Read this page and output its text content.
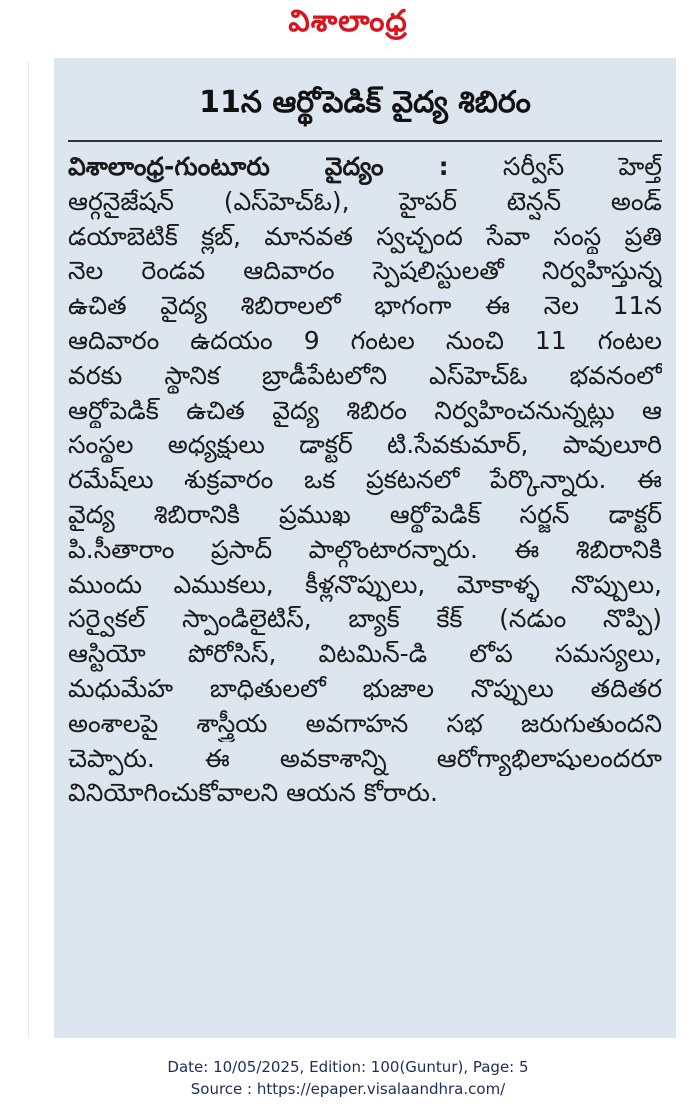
విశాలాంధ్ర
11న ఆర్థోపెడిక్ వైద్య శిబిరం
విశాలాంధ్ర-గుంటూరు వైద్యం : సర్వీస్ హెల్త్
ఆర్గనైజేషన్ (ఎస్‌హెచ్‌ఓ), హైపర్ టెన్షన్ అండ్
డయాబెటిక్ క్లబ్, మానవత స్వచ్ఛంద సేవా సంస్థ ప్రతి
నెల రెండవ ఆదివారం స్పెషలిస్టులతో నిర్వహిస్తున్న
ఉచిత వైద్య శిబిరాలలో భాగంగా ఈ నెల 11న
ఆదివారం ఉదయం 9 గంటల నుంచి 11 గంటల
వరకు స్థానిక బ్రాడీపేటలోని ఎస్‌హెచ్‌ఓ భవనంలో
ఆర్థోపెడిక్ ఉచిత వైద్య శిబిరం నిర్వహించనున్నట్లు ఆ
సంస్థల అధ్యక్షులు డాక్టర్ టి.సేవకుమార్, పావులూరి
రమేష్‌లు శుక్రవారం ఒక ప్రకటనలో పేర్కొన్నారు. ఈ
వైద్య శిబిరానికి ప్రముఖ ఆర్థోపెడిక్ సర్జన్ డాక్టర్
పి.సీతారాం ప్రసాద్ పాల్గొంటారన్నారు. ఈ శిబిరానికి
ముందు ఎముకలు, కీళ్లనొప్పులు, మోకాళ్ళ నొప్పులు,
సర్వైకల్ స్పాండిలైటిస్, బ్యాక్ కేక్ (నడుం నొప్పి)
ఆస్టియో పోరోసిస్, విటమిన్-డి లోప సమస్యలు,
మధుమేహ బాధితులలో భుజాల నొప్పులు తదితర
అంశాలపై శాస్త్రీయ అవగాహన సభ జరుగుతుందని
చెప్పారు. ఈ అవకాశాన్ని ఆరోగ్యాభిలాషులందరూ
వినియోగించుకోవాలని ఆయన కోరారు.
Date: 10/05/2025, Edition: 100(Guntur), Page: 5
Source : https://epaper.visalaandhra.com/
